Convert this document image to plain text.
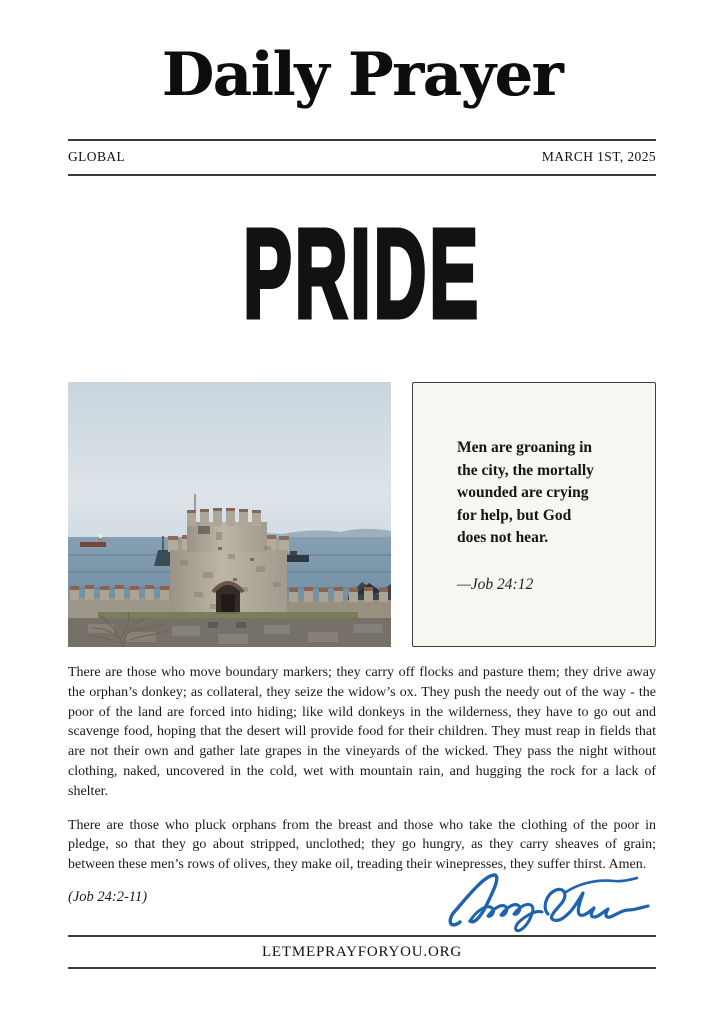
Daily Prayer
GLOBAL	MARCH 1ST, 2025
PRIDE
Men are groaning in the city, the mortally wounded are crying for help, but God does not hear.
—Job 24:12

There are those who move boundary markers; they carry off flocks and pasture them; they drive away the orphan’s donkey; as collateral, they seize the widow’s ox. They push the needy out of the way - the poor of the land are forced into hiding; like wild donkeys in the wilderness, they have to go out and scavenge food, hoping that the desert will provide food for their children. They must reap in fields that are not their own and gather late grapes in the vineyards of the wicked. They pass the night without clothing, naked, uncovered in the cold, wet with mountain rain, and hugging the rock for a lack of shelter.

There are those who pluck orphans from the breast and those who take the clothing of the poor in pledge, so that they go about stripped, unclothed; they go hungry, as they carry sheaves of grain; between these men’s rows of olives, they make oil, treading their winepresses, they suffer thirst. Amen.

(Job 24:2-11)
LETMEPRAYFORYOU.ORG
